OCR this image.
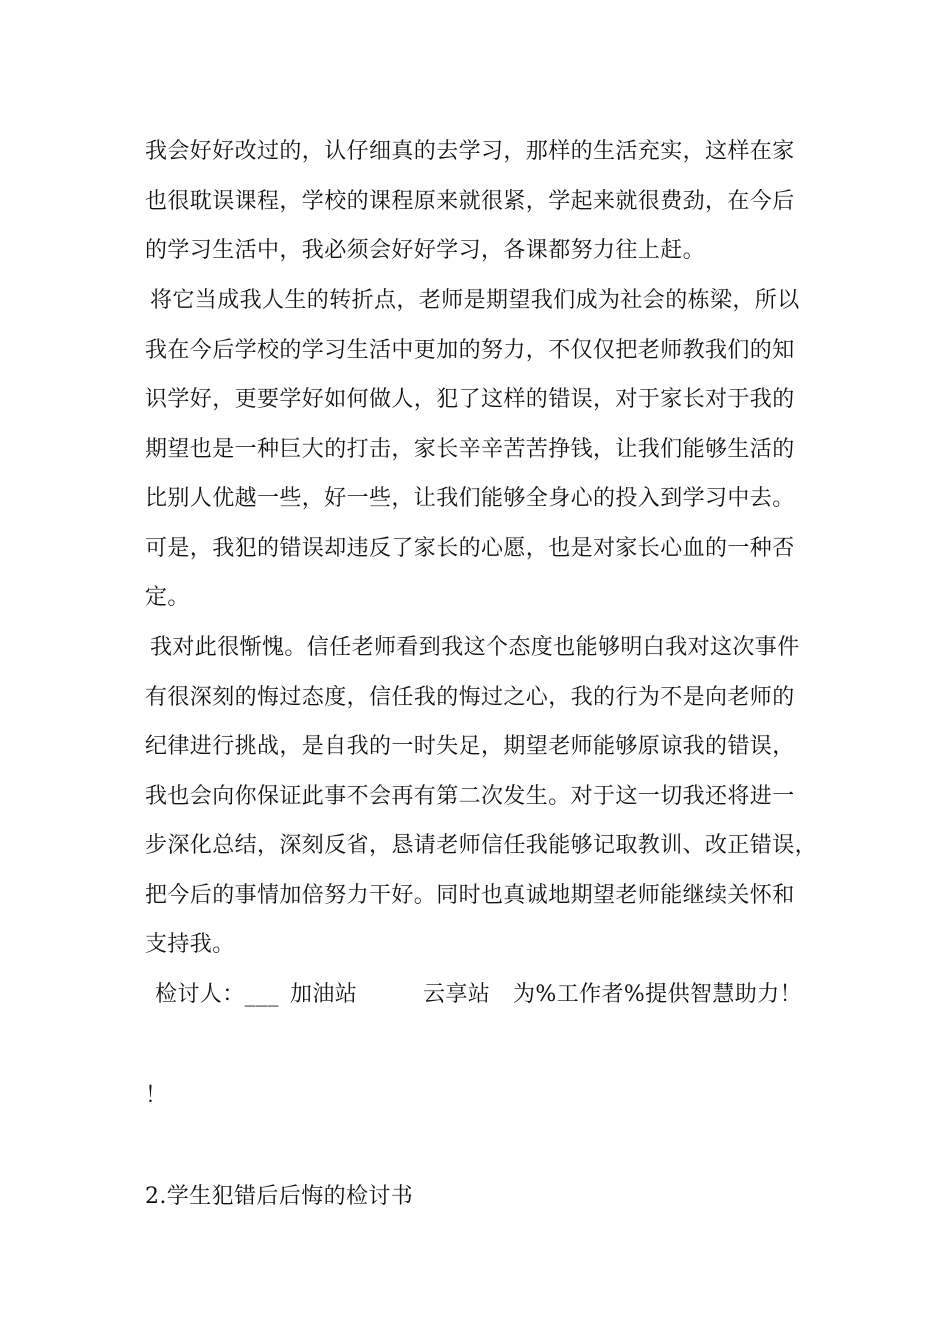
我会好好改过的，认仔细真的去学习，那样的生活充实，这样在家
也很耽误课程，学校的课程原来就很紧，学起来就很费劲，在今后
的学习生活中，我必须会好好学习，各课都努力往上赶。
将它当成我人生的转折点，老师是期望我们成为社会的栋梁，所以
我在今后学校的学习生活中更加的努力，不仅仅把老师教我们的知
识学好，更要学好如何做人，犯了这样的错误，对于家长对于我的
期望也是一种巨大的打击，家长辛辛苦苦挣钱，让我们能够生活的
比别人优越一些，好一些，让我们能够全身心的投入到学习中去。
可是，我犯的错误却违反了家长的心愿，也是对家长心血的一种否
定。
我对此很惭愧。信任老师看到我这个态度也能够明白我对这次事件
有很深刻的悔过态度，信任我的悔过之心，我的行为不是向老师的
纪律进行挑战，是自我的一时失足，期望老师能够原谅我的错误，
我也会向你保证此事不会再有第二次发生。对于这一切我还将进一
步深化总结，深刻反省，恳请老师信任我能够记取教训、改正错误，
把今后的事情加倍努力干好。同时也真诚地期望老师能继续关怀和
支持我。
检讨人：___ 加油站	云享站 为%工作者%提供智慧助力！
！
2.学生犯错后后悔的检讨书
